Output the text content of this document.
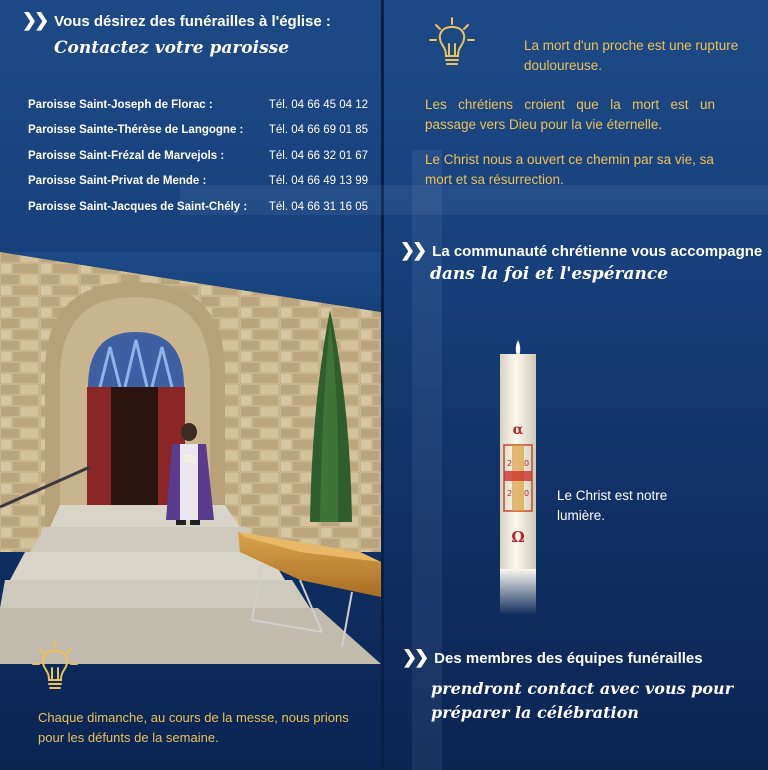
❯❯ Vous désirez des funérailles à l'église :
Contactez votre paroisse
Paroisse Saint-Joseph de Florac :	Tél. 04 66 45 04 12
Paroisse Sainte-Thérèse de Langogne : Tél. 04 66 69 01 85
Paroisse Saint-Frézal de Marvejols :	Tél. 04 66 32 01 67
Paroisse Saint-Privat de Mende :	Tél. 04 66 49 13 99
Paroisse Saint-Jacques de Saint-Chély : Tél. 04 66 31 16 05
Chaque dimanche, au cours de la messe, nous prions pour les défunts de la semaine.
La mort d'un proche est une rupture douloureuse.
Les chrétiens croient que la mort est un passage vers Dieu pour la vie éternelle.
Le Christ nous a ouvert ce chemin par sa vie, sa mort et sa résurrection.
❯❯ La communauté chrétienne vous accompagne
dans la foi et l'espérance
α
2 0
2 0
Ω
Le Christ est notre lumière.
❯❯ Des membres des équipes funérailles
prendront contact avec vous pour préparer la célébration
